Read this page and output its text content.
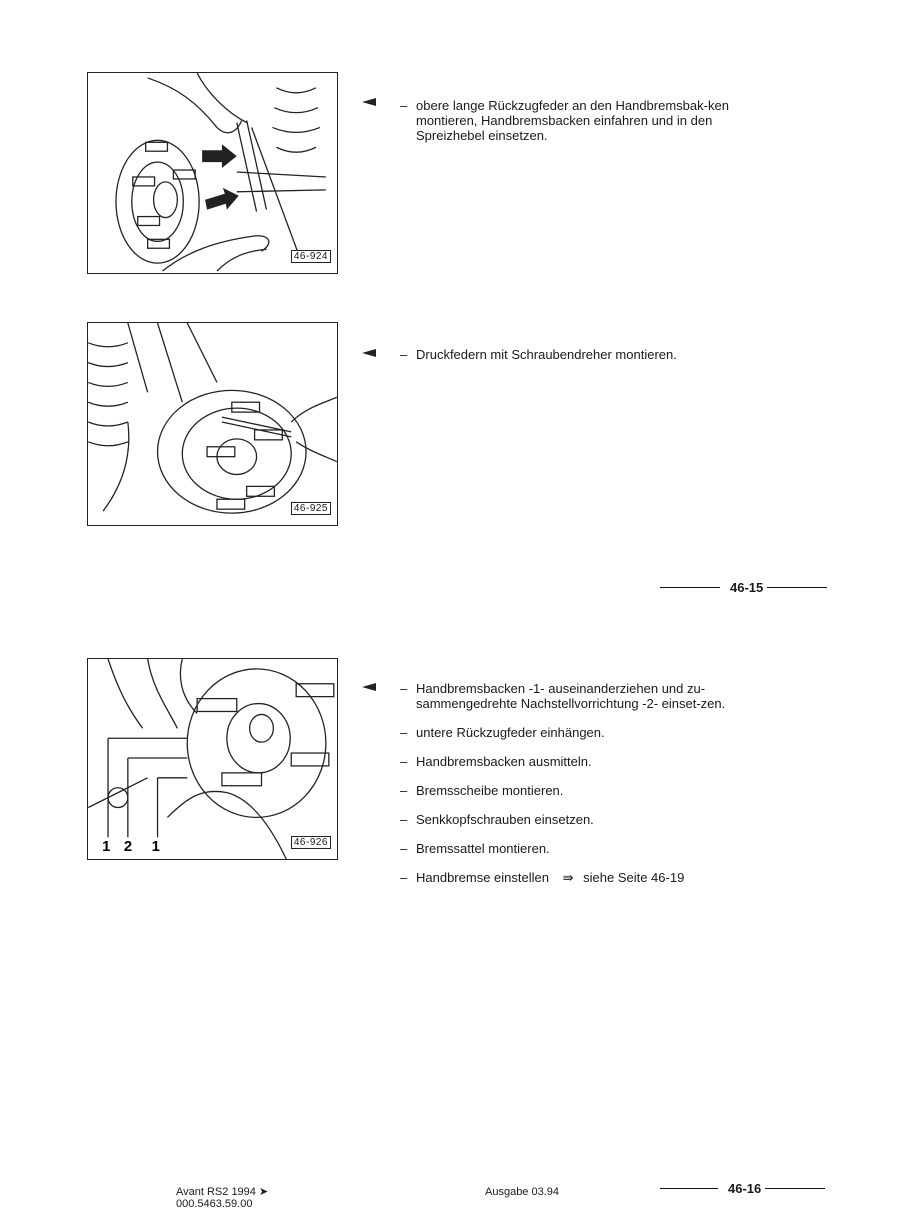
46-924
– obere lange Rückzugfeder an den Handbremsbak-ken montieren, Handbremsbacken einfahren und in den Spreizhebel einsetzen.
46-925
– Druckfedern mit Schraubendreher montieren.
46-15
1 2 1	46-926
– Handbremsbacken -1- auseinanderziehen und zu-sammengedrehte Nachstellvorrichtung -2- einset-zen.
– untere Rückzugfeder einhängen.
– Handbremsbacken ausmitteln.
– Bremsscheibe montieren.
– Senkkopfschrauben einsetzen.
– Bremssattel montieren.
– Handbremse einstellen ⇛ siehe Seite 46-19
Avant RS2 1994 ➤
000.5463.59.00
Ausgabe 03.94	46-16
